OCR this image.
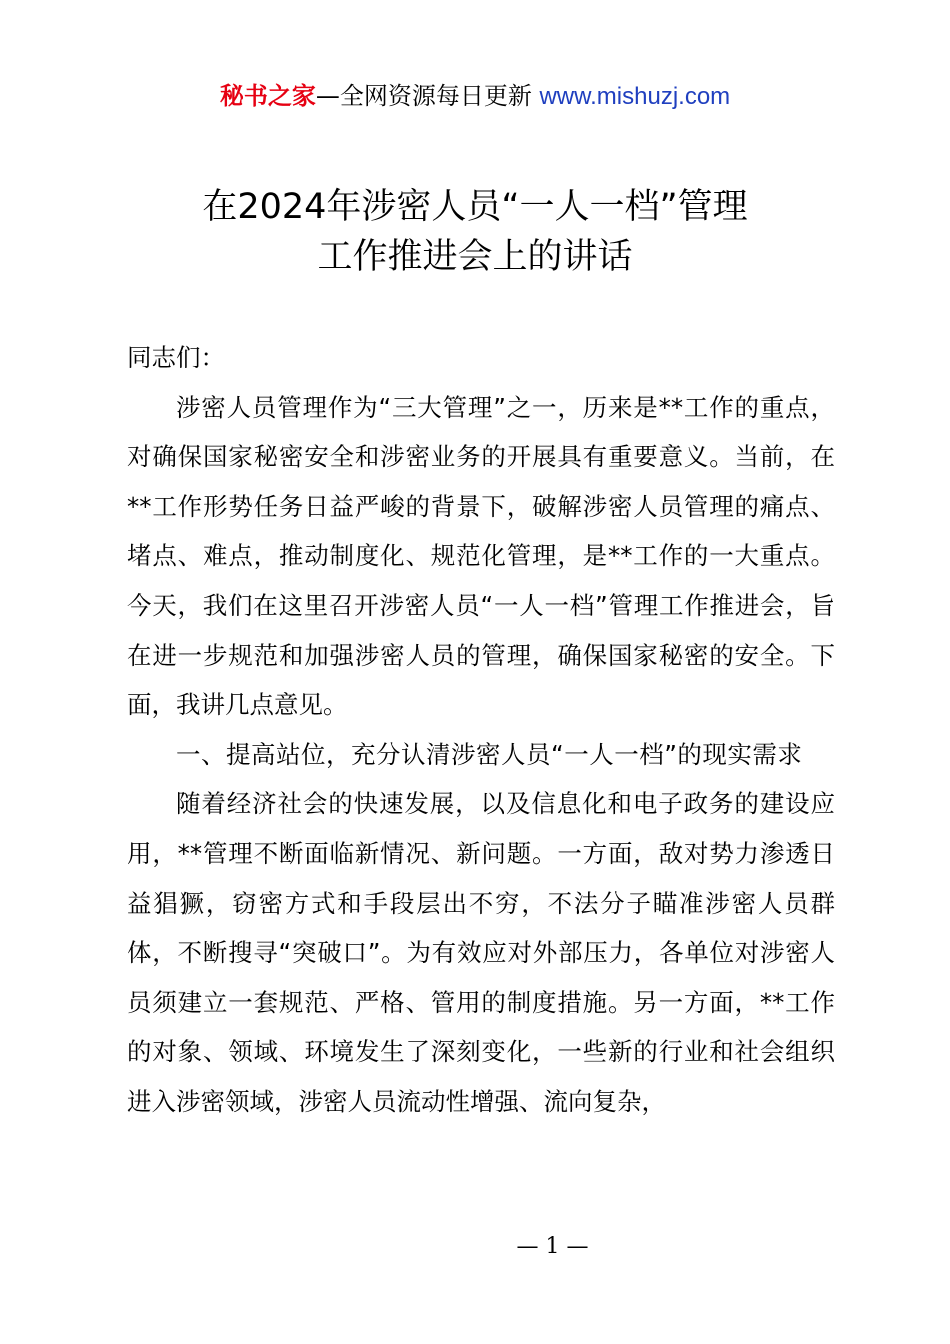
秘书之家—全网资源每日更新 www.mishuzj.com
在2024年涉密人员“一人一档”管理
工作推进会上的讲话

同志们：

涉密人员管理作为“三大管理”之一，历来是**工作的重点，对确保国家秘密安全和涉密业务的开展具有重要意义。当前，在**工作形势任务日益严峻的背景下，破解涉密人员管理的痛点、堵点、难点，推动制度化、规范化管理，是**工作的一大重点。今天，我们在这里召开涉密人员“一人一档”管理工作推进会，旨在进一步规范和加强涉密人员的管理，确保国家秘密的安全。下面，我讲几点意见。

一、提高站位，充分认清涉密人员“一人一档”的现实需求

随着经济社会的快速发展，以及信息化和电子政务的建设应用，**管理不断面临新情况、新问题。一方面，敌对势力渗透日益猖獗，窃密方式和手段层出不穷，不法分子瞄准涉密人员群体，不断搜寻“突破口”。为有效应对外部压力，各单位对涉密人员须建立一套规范、严格、管用的制度措施。另一方面，**工作的对象、领域、环境发生了深刻变化，一些新的行业和社会组织进入涉密领域，涉密人员流动性增强、流向复杂，

— 1 —
